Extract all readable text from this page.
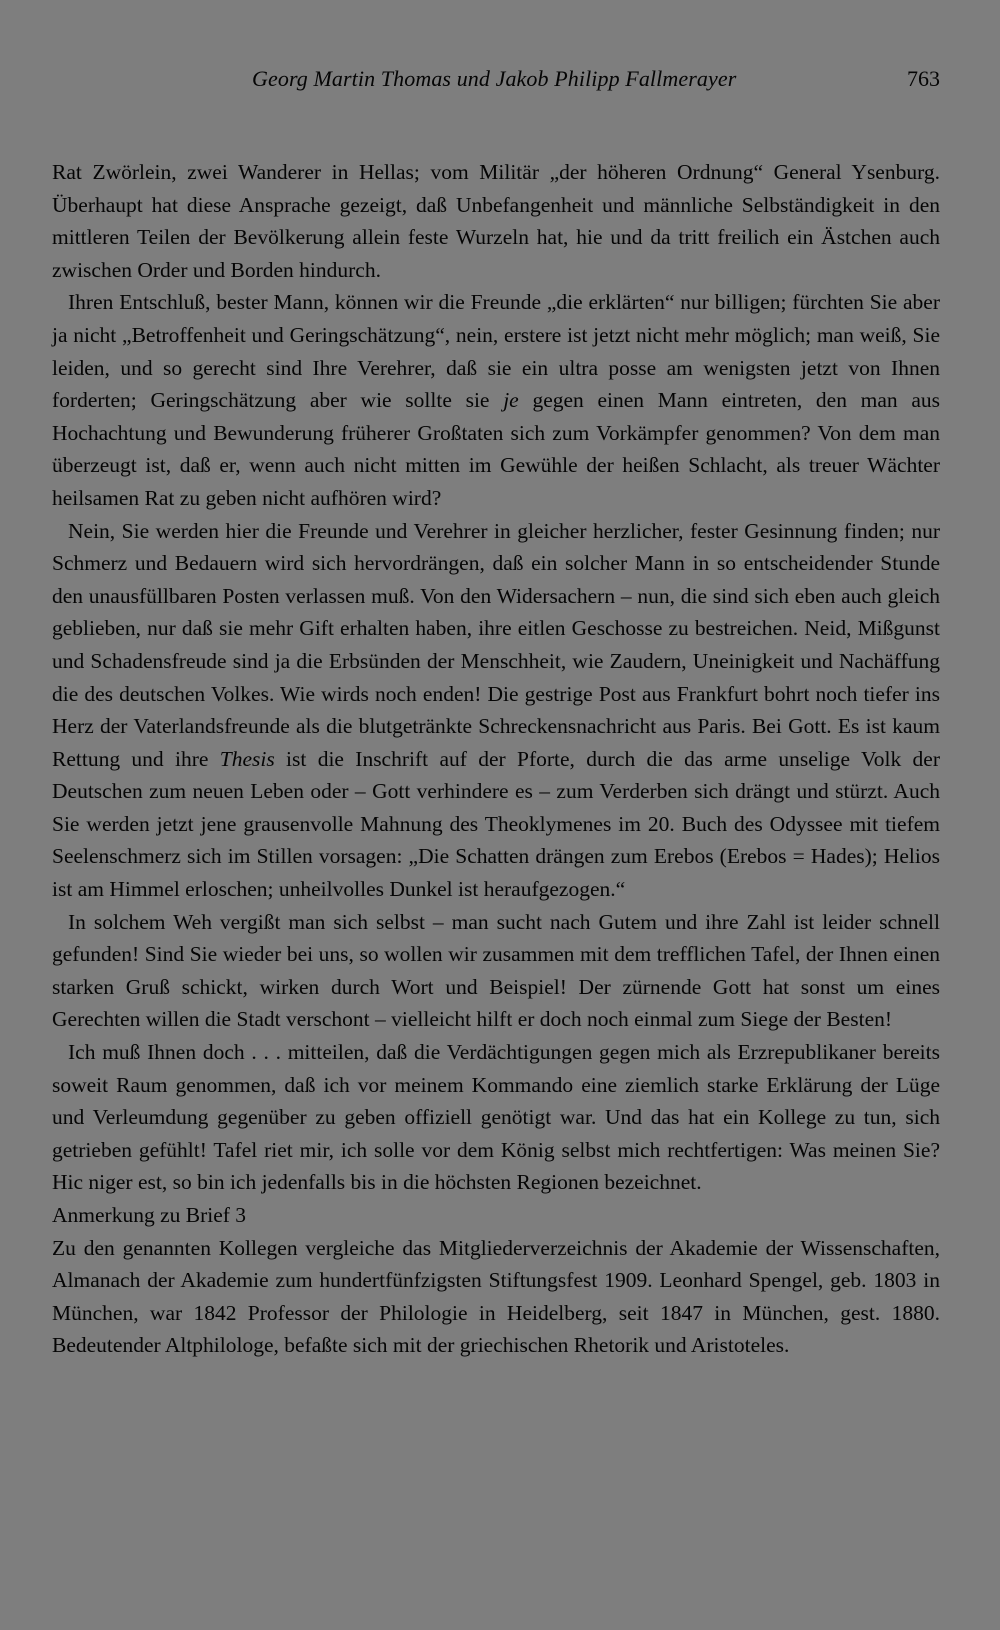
Georg Martin Thomas und Jakob Philipp Fallmerayer	763

Rat Zwörlein, zwei Wanderer in Hellas; vom Militär „der höheren Ordnung“ General Ysenburg. Überhaupt hat diese Ansprache gezeigt, daß Unbefangenheit und männliche Selbständigkeit in den mittleren Teilen der Bevölkerung allein feste Wurzeln hat, hie und da tritt freilich ein Ästchen auch zwischen Order und Borden hindurch.

Ihren Entschluß, bester Mann, können wir die Freunde „die erklärten“ nur billigen; fürchten Sie aber ja nicht „Betroffenheit und Geringschätzung“, nein, erstere ist jetzt nicht mehr möglich; man weiß, Sie leiden, und so gerecht sind Ihre Verehrer, daß sie ein ultra posse am wenigsten jetzt von Ihnen forderten; Geringschätzung aber wie sollte sie je gegen einen Mann eintreten, den man aus Hochachtung und Bewunderung früherer Großtaten sich zum Vorkämpfer genommen? Von dem man überzeugt ist, daß er, wenn auch nicht mitten im Gewühle der heißen Schlacht, als treuer Wächter heilsamen Rat zu geben nicht aufhören wird?

Nein, Sie werden hier die Freunde und Verehrer in gleicher herzlicher, fester Gesinnung finden; nur Schmerz und Bedauern wird sich hervordrängen, daß ein solcher Mann in so entscheidender Stunde den unausfüllbaren Posten verlassen muß. Von den Widersachern – nun, die sind sich eben auch gleich geblieben, nur daß sie mehr Gift erhalten haben, ihre eitlen Geschosse zu bestreichen. Neid, Mißgunst und Schadensfreude sind ja die Erbsünden der Menschheit, wie Zaudern, Uneinigkeit und Nachäffung die des deutschen Volkes. Wie wirds noch enden! Die gestrige Post aus Frankfurt bohrt noch tiefer ins Herz der Vaterlandsfreunde als die blutgetränkte Schreckensnachricht aus Paris. Bei Gott. Es ist kaum Rettung und ihre Thesis ist die Inschrift auf der Pforte, durch die das arme unselige Volk der Deutschen zum neuen Leben oder – Gott verhindere es – zum Verderben sich drängt und stürzt. Auch Sie werden jetzt jene grausenvolle Mahnung des Theoklymenes im 20. Buch des Odyssee mit tiefem Seelenschmerz sich im Stillen vorsagen: „Die Schatten drängen zum Erebos (Erebos = Hades); Helios ist am Himmel erloschen; unheilvolles Dunkel ist heraufgezogen.“

In solchem Weh vergißt man sich selbst – man sucht nach Gutem und ihre Zahl ist leider schnell gefunden! Sind Sie wieder bei uns, so wollen wir zusammen mit dem trefflichen Tafel, der Ihnen einen starken Gruß schickt, wirken durch Wort und Beispiel! Der zürnende Gott hat sonst um eines Gerechten willen die Stadt verschont – vielleicht hilft er doch noch einmal zum Siege der Besten!

Ich muß Ihnen doch . . . mitteilen, daß die Verdächtigungen gegen mich als Erzrepublikaner bereits soweit Raum genommen, daß ich vor meinem Kommando eine ziemlich starke Erklärung der Lüge und Verleumdung gegenüber zu geben offiziell genötigt war. Und das hat ein Kollege zu tun, sich getrieben gefühlt! Tafel riet mir, ich solle vor dem König selbst mich rechtfertigen: Was meinen Sie? Hic niger est, so bin ich jedenfalls bis in die höchsten Regionen bezeichnet.

Anmerkung zu Brief 3

Zu den genannten Kollegen vergleiche das Mitgliederverzeichnis der Akademie der Wissenschaften, Almanach der Akademie zum hundertfünfzigsten Stiftungsfest 1909. Leonhard Spengel, geb. 1803 in München, war 1842 Professor der Philologie in Heidelberg, seit 1847 in München, gest. 1880. Bedeutender Altphilologe, befaßte sich mit der griechischen Rhetorik und Aristoteles.
